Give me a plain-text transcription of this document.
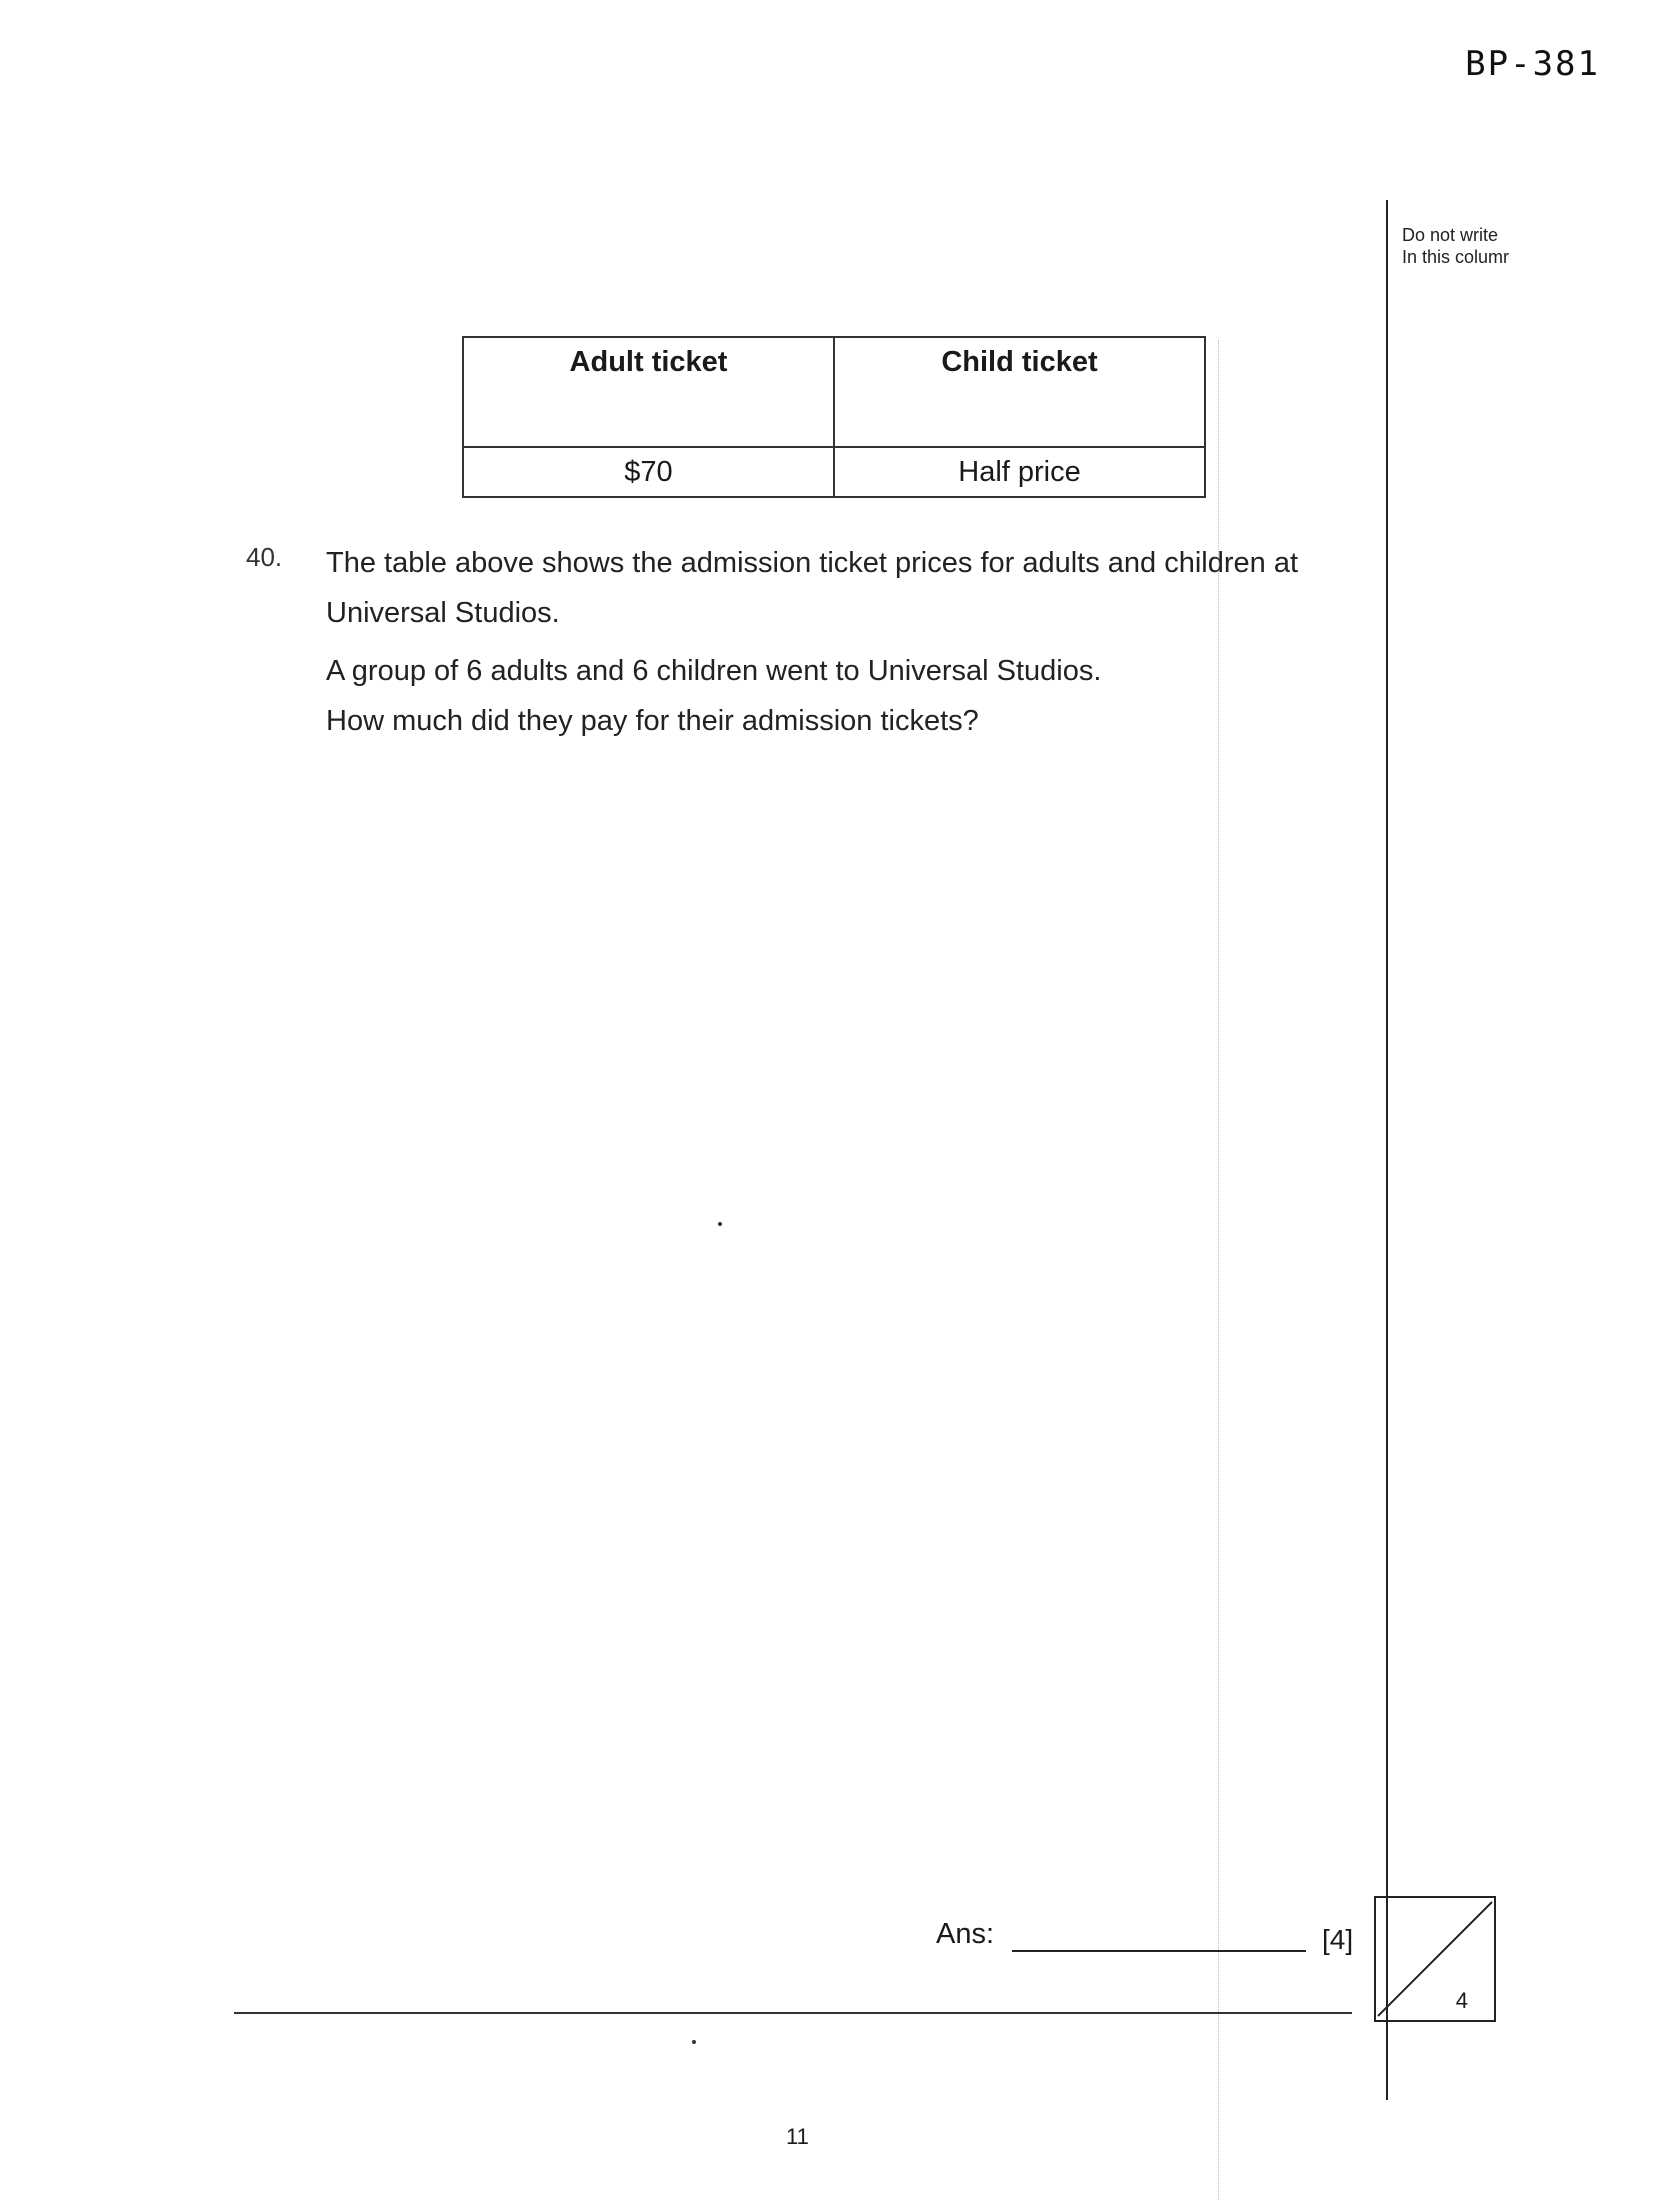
BP-381
Do not write
In this columr
Adult ticket	Child ticket
$70	Half price
40. The table above shows the admission ticket prices for adults and children at

Universal Studios.

A group of 6 adults and 6 children went to Universal Studios.

How much did they pay for their admission tickets?

Ans:	[4]
4
11
